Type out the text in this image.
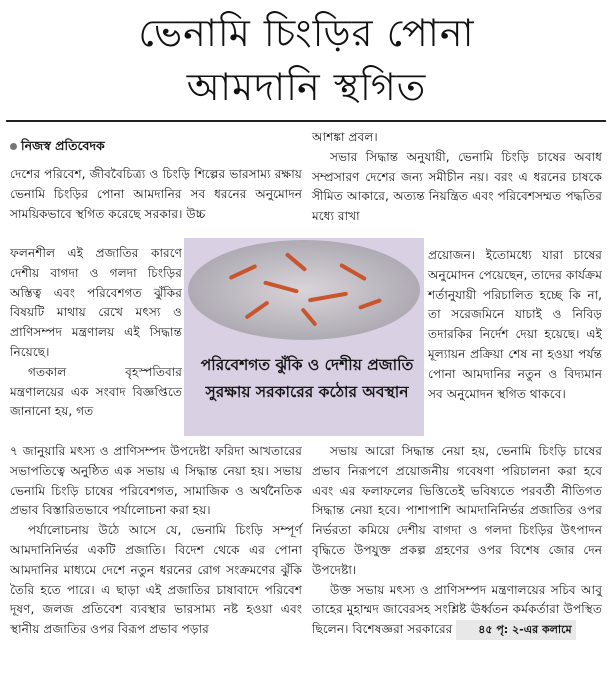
ভেনামি চিংড়ির পোনা
আমদানি স্থগিত
নিজস্ব প্রতিবেদক

দেশের পরিবেশ, জীববৈচিত্র্য ও চিংড়ি শিল্পের ভারসাম্য রক্ষায় ভেনামি চিংড়ির পোনা আমদানির সব ধরনের অনুমোদন সাময়িকভাবে স্থগিত করেছে সরকার। উচ্চ

ফলনশীল এই প্রজাতির কারণে দেশীয় বাগদা ও গলদা চিংড়ির অস্তিত্ব এবং পরিবেশগত ঝুঁকির বিষয়টি মাথায় রেখে মৎস্য ও প্রাণিসম্পদ মন্ত্রণালয় এই সিদ্ধান্ত নিয়েছে।

গতকাল বৃহস্পতিবার মন্ত্রণালয়ের এক সংবাদ বিজ্ঞপ্তিতে জানানো হয়, গত

৭ জানুয়ারি মৎস্য ও প্রাণিসম্পদ উপদেষ্টা ফরিদা আখতারের সভাপতিত্বে অনুষ্ঠিত এক সভায় এ সিদ্ধান্ত নেয়া হয়। সভায় ভেনামি চিংড়ি চাষের পরিবেশগত, সামাজিক ও অর্থনৈতিক প্রভাব বিস্তারিতভাবে পর্যালোচনা করা হয়।

পর্যালোচনায় উঠে আসে যে, ভেনামি চিংড়ি সম্পূর্ণ আমদানিনির্ভর একটি প্রজাতি। বিদেশ থেকে এর পোনা আমদানির মাধ্যমে দেশে নতুন ধরনের রোগ সংক্রমণের ঝুঁকি তৈরি হতে পারে। এ ছাড়া এই প্রজাতির চাষাবাদে পরিবেশ দূষণ, জলজ প্রতিবেশ ব্যবস্থার ভারসাম্য নষ্ট হওয়া এবং স্থানীয় প্রজাতির ওপর বিরূপ প্রভাব পড়ার

আশঙ্কা প্রবল।

সভার সিদ্ধান্ত অনুযায়ী, ভেনামি চিংড়ি চাষের অবাধ সম্প্রসারণ দেশের জন্য সমীচীন নয়। বরং এ ধরনের চাষকে সীমিত আকারে, অত্যন্ত নিয়ন্ত্রিত এবং পরিবেশসম্মত পদ্ধতির মধ্যে রাখা

প্রয়োজন। ইতোমধ্যে যারা চাষের অনুমোদন পেয়েছেন, তাদের কার্যক্রম শর্তানুযায়ী পরিচালিত হচ্ছে কি না, তা সরেজমিনে যাচাই ও নিবিড় তদারকির নির্দেশ দেয়া হয়েছে। এই মূল্যায়ন প্রক্রিয়া শেষ না হওয়া পর্যন্ত পোনা আমদানির নতুন ও বিদ্যমান সব অনুমোদন স্থগিত থাকবে।

সভায় আরো সিদ্ধান্ত নেয়া হয়, ভেনামি চিংড়ি চাষের প্রভাব নিরূপণে প্রয়োজনীয় গবেষণা পরিচালনা করা হবে এবং এর ফলাফলের ভিত্তিতেই ভবিষ্যতে পরবর্তী নীতিগত সিদ্ধান্ত নেয়া হবে। পাশাপাশি আমদানিনির্ভর প্রজাতির ওপর নির্ভরতা কমিয়ে দেশীয় বাগদা ও গলদা চিংড়ির উৎপাদন বৃদ্ধিতে উপযুক্ত প্রকল্প গ্রহণের ওপর বিশেষ জোর দেন উপদেষ্টা।

উক্ত সভায় মৎস্য ও প্রাণিসম্পদ মন্ত্রণালয়ের সচিব আবু তাহের মুহাম্মদ জাবেরসহ সংশ্লিষ্ট ঊর্ধ্বতন কর্মকর্তারা উপস্থিত ছিলেন। বিশেষজ্ঞরা সরকারের ৪৫ পৃ: ২-এর কলামে

পরিবেশগত ঝুঁকি ও দেশীয় প্রজাতি সুরক্ষায় সরকারের কঠোর অবস্থান
